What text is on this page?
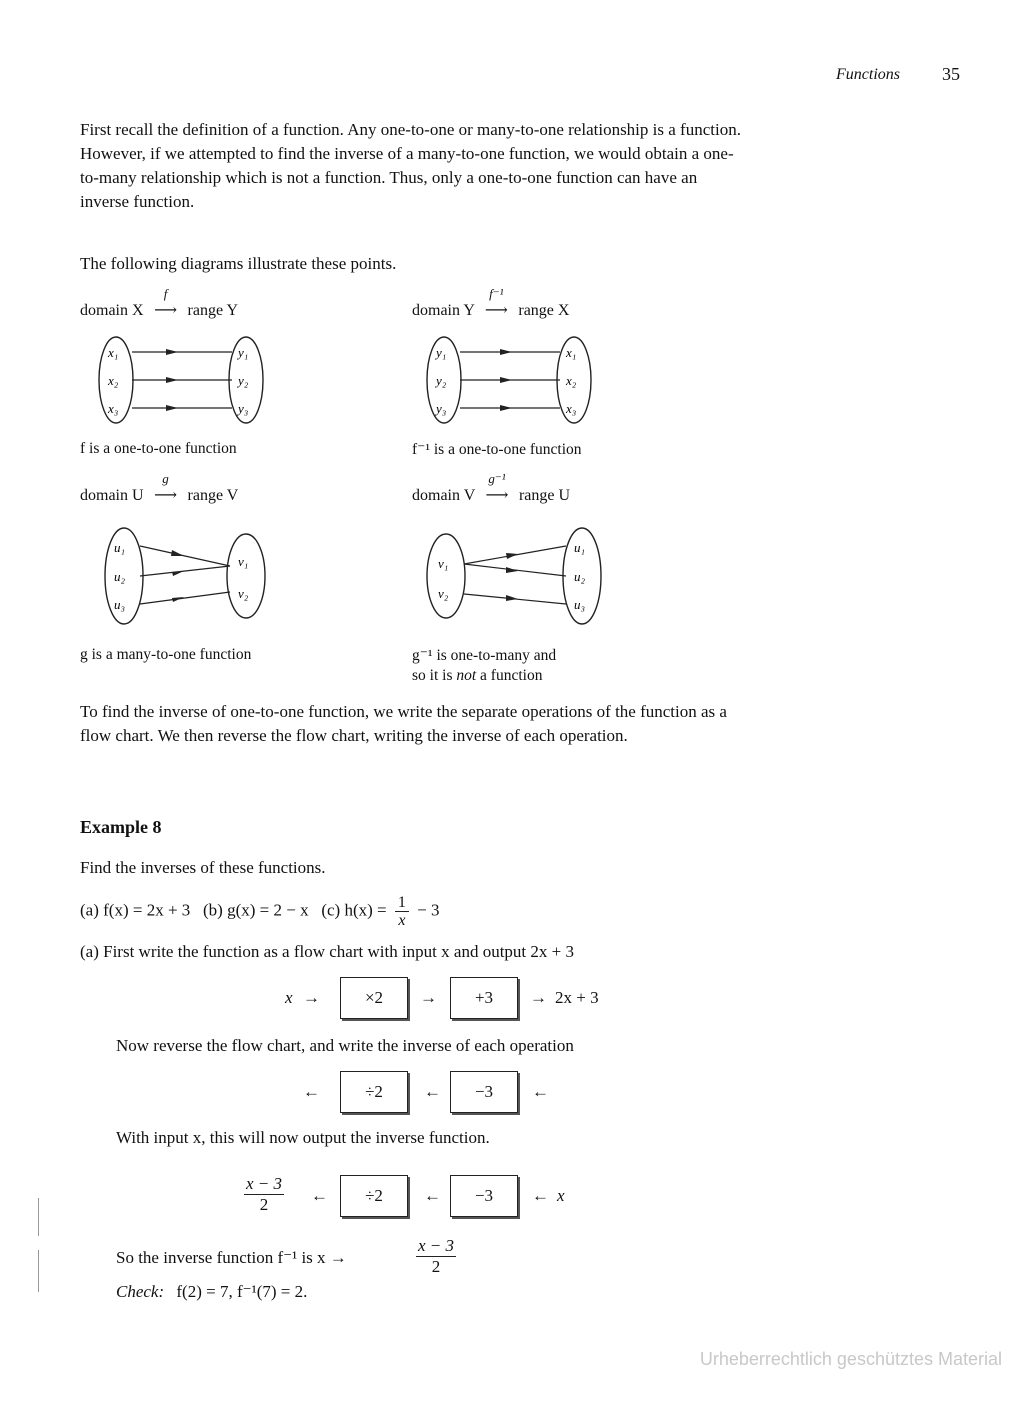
Functions 35
First recall the definition of a function. Any one-to-one or many-to-one relationship is a function. However, if we attempted to find the inverse of a many-to-one function, we would obtain a one-to-many relationship which is not a function. Thus, only a one-to-one function can have an inverse function.
The following diagrams illustrate these points.
domain X
f
⟶ range Y
x₁
x₂
x₃
y₁
y₂
y₃
f is a one-to-one function
domain Y
f⁻¹
⟶ range X
y₁
y₂
y₃
x₁
x₂
x₃
f⁻¹ is a one-to-one function
domain U
g
⟶ range V
u₁
u₂
u₃
v₁
v₂
g is a many-to-one function
domain V
g⁻¹
⟶ range U
v₁
v₂
u₁
u₂
u₃
g⁻¹ is one-to-many and
so it is not a function
To find the inverse of one-to-one function, we write the separate operations of the function as a flow chart. We then reverse the flow chart, writing the inverse of each operation.
Example 8
Find the inverses of these functions.
(a) f(x) = 2x + 3   (b) g(x) = 2 − x   (c) $h(x) = \frac{1}{x} - 3$
(a) First write the function as a flow chart with input x and output 2x + 3
x →	×2	→	+3	→ 2x + 3
Now reverse the flow chart, and write the inverse of each operation
←	÷2	←	−3	←
With input x, this will now output the inverse function.
$\frac{x - 3}{2}$ ←	÷2	←	−3	← x
So the inverse function f⁻¹ is x →	$\frac{x - 3}{2}$
Check: f(2) = 7, f⁻¹(7) = 2.
Urheberrechtlich geschütztes Material
